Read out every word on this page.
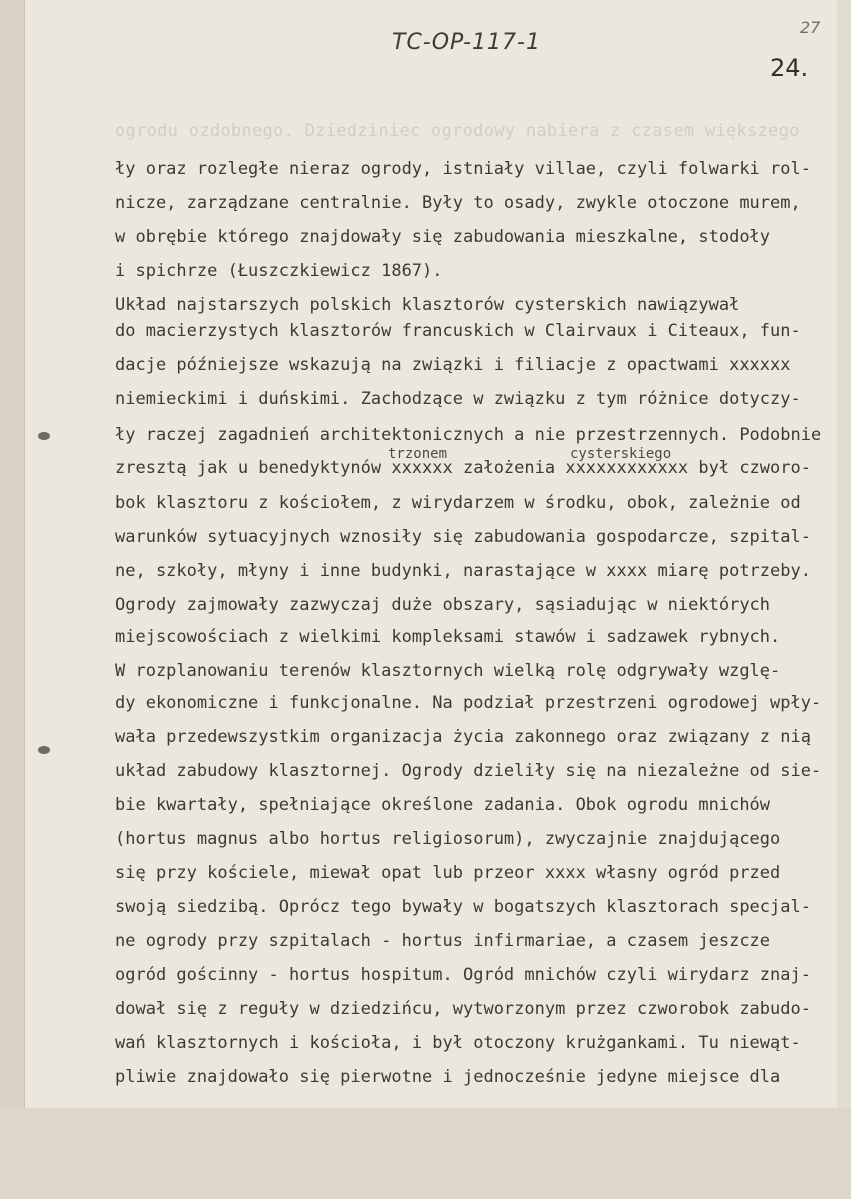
TC-OP-117-1
27
24.
ogrodu ozdobnego. Dziedziniec ogrodowy nabiera z czasem większego
trzonem	cysterskiego
ły oraz rozległe nieraz ogrody, istniały villae, czyli folwarki rol-
nicze, zarządzane centralnie. Były to osady, zwykle otoczone murem,
w obrębie którego znajdowały się zabudowania mieszkalne, stodoły
i spichrze (Łuszczkiewicz 1867).
Układ najstarszych polskich klasztorów cysterskich nawiązywał
do macierzystych klasztorów francuskich w Clairvaux i Citeaux, fun-
dacje późniejsze wskazują na związki i filiacje z opactwami xxxxxx
niemieckimi i duńskimi. Zachodzące w związku z tym różnice dotyczy-
ły raczej zagadnień architektonicznych a nie przestrzennych. Podobnie
zresztą jak u benedyktynów xxxxxx założenia xxxxxxxxxxxx był czworo-
bok klasztoru z kościołem, z wirydarzem w środku, obok, zależnie od
warunków sytuacyjnych wznosiły się zabudowania gospodarcze, szpital-
ne, szkoły, młyny i inne budynki, narastające w xxxx miarę potrzeby.
Ogrody zajmowały zazwyczaj duże obszary, sąsiadując w niektórych
miejscowościach z wielkimi kompleksami stawów i sadzawek rybnych.
W rozplanowaniu terenów klasztornych wielką rolę odgrywały wzglę-
dy ekonomiczne i funkcjonalne. Na podział przestrzeni ogrodowej wpły-
wała przedewszystkim organizacja życia zakonnego oraz związany z nią
układ zabudowy klasztornej. Ogrody dzieliły się na niezależne od sie-
bie kwartały, spełniające określone zadania. Obok ogrodu mnichów
(hortus magnus albo hortus religiosorum), zwyczajnie znajdującego
się przy kościele, miewał opat lub przeor xxxx własny ogród przed
swoją siedzibą. Oprócz tego bywały w bogatszych klasztorach specjal-
ne ogrody przy szpitalach - hortus infirmariae, a czasem jeszcze
ogród gościnny - hortus hospitum. Ogród mnichów czyli wirydarz znaj-
dował się z reguły w dziedzińcu, wytworzonym przez czworobok zabudo-
wań klasztornych i kościoła, i był otoczony krużgankami. Tu niewąt-
pliwie znajdowało się pierwotne i jednocześnie jedyne miejsce dla
